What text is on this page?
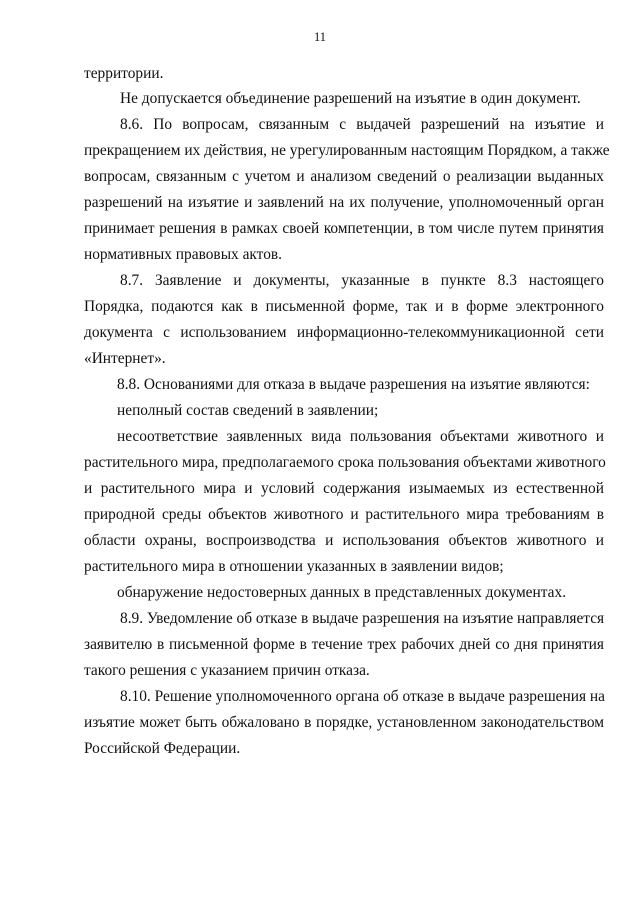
11
территории.
Не допускается объединение разрешений на изъятие в один документ.
8.6. По вопросам, связанным с выдачей разрешений на изъятие и
прекращением их действия, не урегулированным настоящим Порядком, а также
вопросам, связанным с учетом и анализом сведений о реализации выданных
разрешений на изъятие и заявлений на их получение, уполномоченный орган
принимает решения в рамках своей компетенции, в том числе путем принятия
нормативных правовых актов.
8.7. Заявление и документы, указанные в пункте 8.3 настоящего
Порядка, подаются как в письменной форме, так и в форме электронного
документа с использованием информационно-телекоммуникационной сети
«Интернет».
8.8. Основаниями для отказа в выдаче разрешения на изъятие являются:
неполный состав сведений в заявлении;
несоответствие заявленных вида пользования объектами животного и
растительного мира, предполагаемого срока пользования объектами животного
и растительного мира и условий содержания изымаемых из естественной
природной среды объектов животного и растительного мира требованиям в
области охраны, воспроизводства и использования объектов животного и
растительного мира в отношении указанных в заявлении видов;
обнаружение недостоверных данных в представленных документах.
8.9. Уведомление об отказе в выдаче разрешения на изъятие направляется
заявителю в письменной форме в течение трех рабочих дней со дня принятия
такого решения с указанием причин отказа.
8.10. Решение уполномоченного органа об отказе в выдаче разрешения на
изъятие может быть обжаловано в порядке, установленном законодательством
Российской Федерации.
